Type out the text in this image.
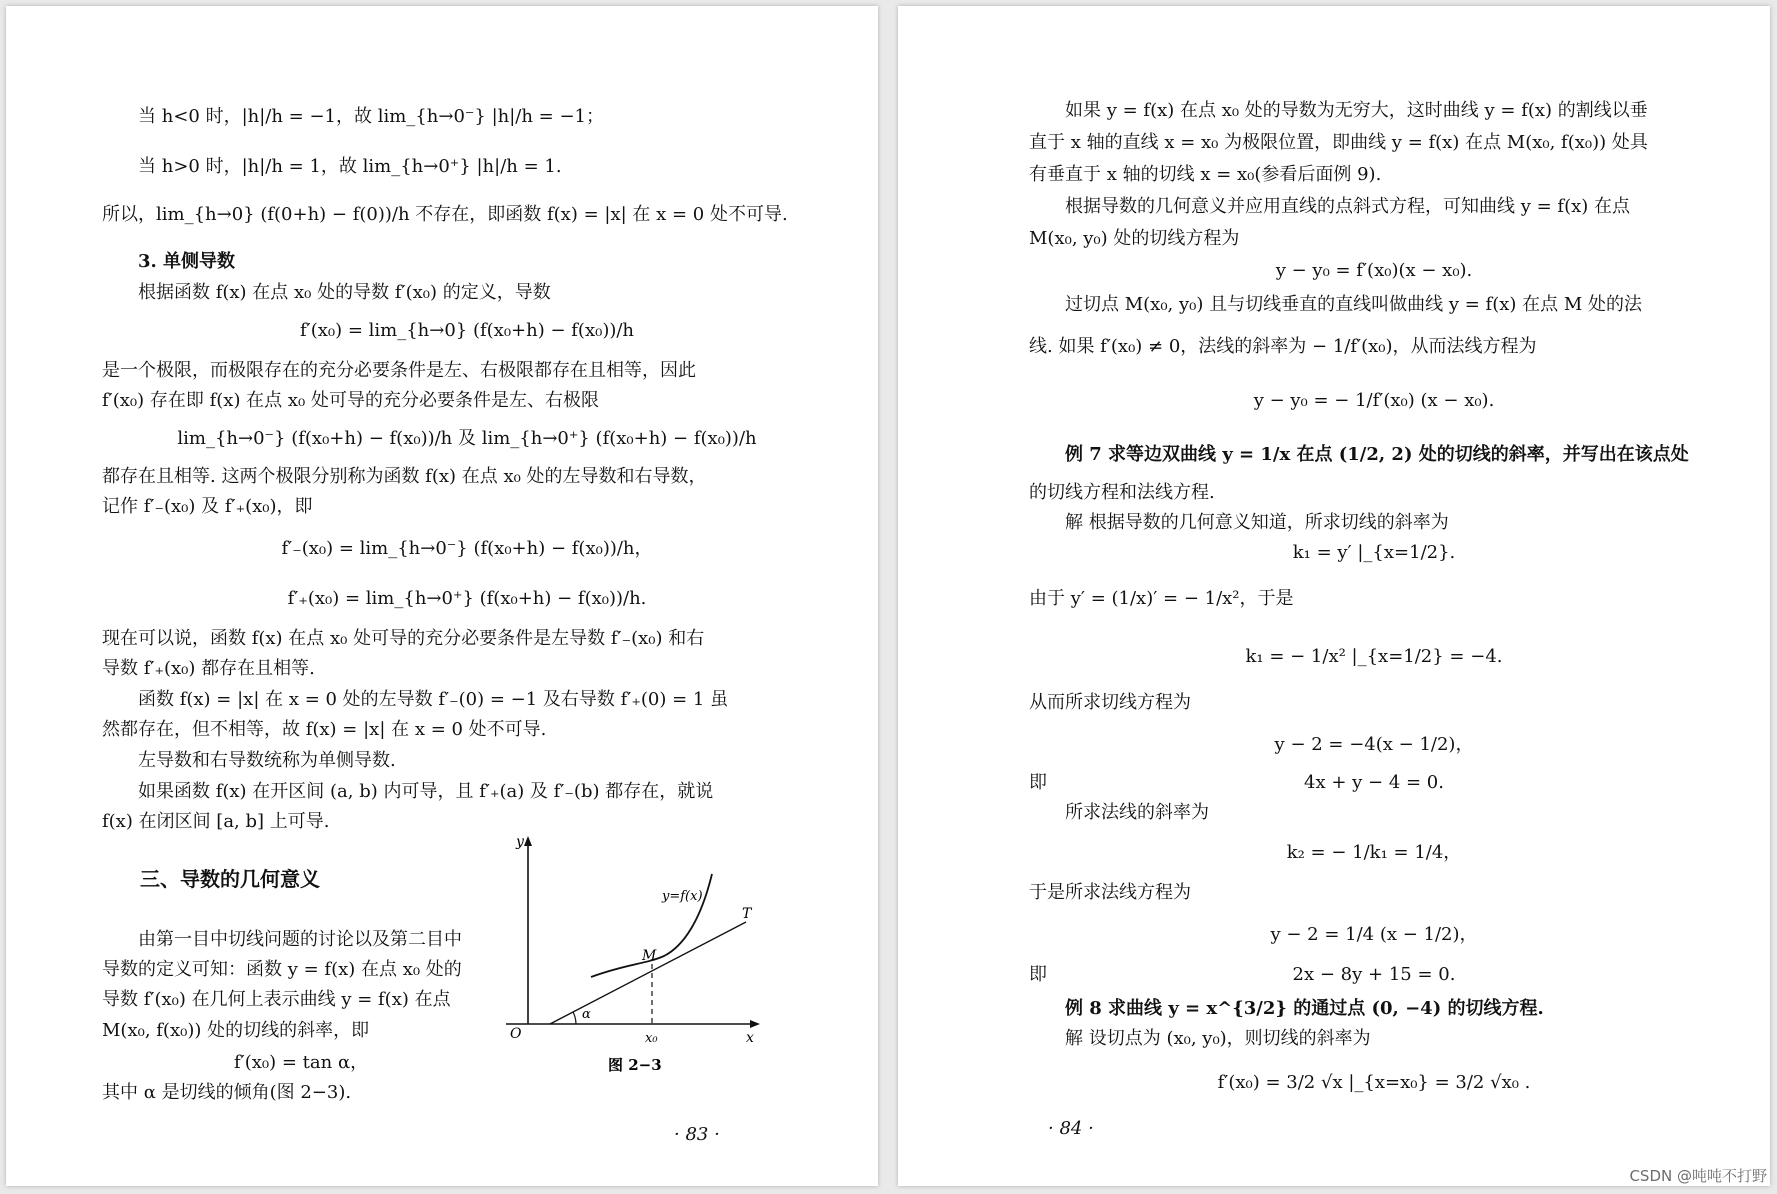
当 h<0 时，|h|/h = −1，故 lim_{h→0⁻} |h|/h = −1；
当 h>0 时，|h|/h = 1，故 lim_{h→0⁺} |h|/h = 1.
所以，lim_{h→0} (f(0+h) − f(0))/h 不存在，即函数 f(x) = |x| 在 x = 0 处不可导.
3. 单侧导数
根据函数 f(x) 在点 x₀ 处的导数 f′(x₀) 的定义，导数
f′(x₀) = lim_{h→0} (f(x₀+h) − f(x₀))/h
是一个极限，而极限存在的充分必要条件是左、右极限都存在且相等，因此
f′(x₀) 存在即 f(x) 在点 x₀ 处可导的充分必要条件是左、右极限
lim_{h→0⁻} (f(x₀+h) − f(x₀))/h 及 lim_{h→0⁺} (f(x₀+h) − f(x₀))/h
都存在且相等. 这两个极限分别称为函数 f(x) 在点 x₀ 处的左导数和右导数，
记作 f′₋(x₀) 及 f′₊(x₀)，即
f′₋(x₀) = lim_{h→0⁻} (f(x₀+h) − f(x₀))/h，
f′₊(x₀) = lim_{h→0⁺} (f(x₀+h) − f(x₀))/h.
现在可以说，函数 f(x) 在点 x₀ 处可导的充分必要条件是左导数 f′₋(x₀) 和右
导数 f′₊(x₀) 都存在且相等.
函数 f(x) = |x| 在 x = 0 处的左导数 f′₋(0) = −1 及右导数 f′₊(0) = 1 虽
然都存在，但不相等，故 f(x) = |x| 在 x = 0 处不可导.
左导数和右导数统称为单侧导数.
如果函数 f(x) 在开区间 (a, b) 内可导，且 f′₊(a) 及 f′₋(b) 都存在，就说
f(x) 在闭区间 [a, b] 上可导.
三、导数的几何意义
由第一目中切线问题的讨论以及第二目中
导数的定义可知：函数 y = f(x) 在点 x₀ 处的
导数 f′(x₀) 在几何上表示曲线 y = f(x) 在点
M(x₀, f(x₀)) 处的切线的斜率，即
f′(x₀) = tan α，
其中 α 是切线的倾角(图 2−3).
y
x
O
y=f(x)
T
M
α
x₀
图 2−3
· 83 ·
如果 y = f(x) 在点 x₀ 处的导数为无穷大，这时曲线 y = f(x) 的割线以垂
直于 x 轴的直线 x = x₀ 为极限位置，即曲线 y = f(x) 在点 M(x₀, f(x₀)) 处具
有垂直于 x 轴的切线 x = x₀(参看后面例 9).
根据导数的几何意义并应用直线的点斜式方程，可知曲线 y = f(x) 在点
M(x₀, y₀) 处的切线方程为
y − y₀ = f′(x₀)(x − x₀).
过切点 M(x₀, y₀) 且与切线垂直的直线叫做曲线 y = f(x) 在点 M 处的法
线. 如果 f′(x₀) ≠ 0，法线的斜率为 − 1/f′(x₀)，从而法线方程为
y − y₀ = − 1/f′(x₀) (x − x₀).
例 7 求等边双曲线 y = 1/x 在点 (1/2, 2) 处的切线的斜率，并写出在该点处
的切线方程和法线方程.
解 根据导数的几何意义知道，所求切线的斜率为
k₁ = y′ |_{x=1/2}.
由于 y′ = (1/x)′ = − 1/x²，于是
k₁ = − 1/x² |_{x=1/2} = −4.
从而所求切线方程为
y − 2 = −4(x − 1/2)，
即	4x + y − 4 = 0.
所求法线的斜率为
k₂ = − 1/k₁ = 1/4，
于是所求法线方程为
y − 2 = 1/4 (x − 1/2)，
即	2x − 8y + 15 = 0.
例 8 求曲线 y = x^{3/2} 的通过点 (0, −4) 的切线方程.
解 设切点为 (x₀, y₀)，则切线的斜率为
f′(x₀) = 3/2 √x |_{x=x₀} = 3/2 √x₀ .
· 84 ·
CSDN @吨吨不打野
